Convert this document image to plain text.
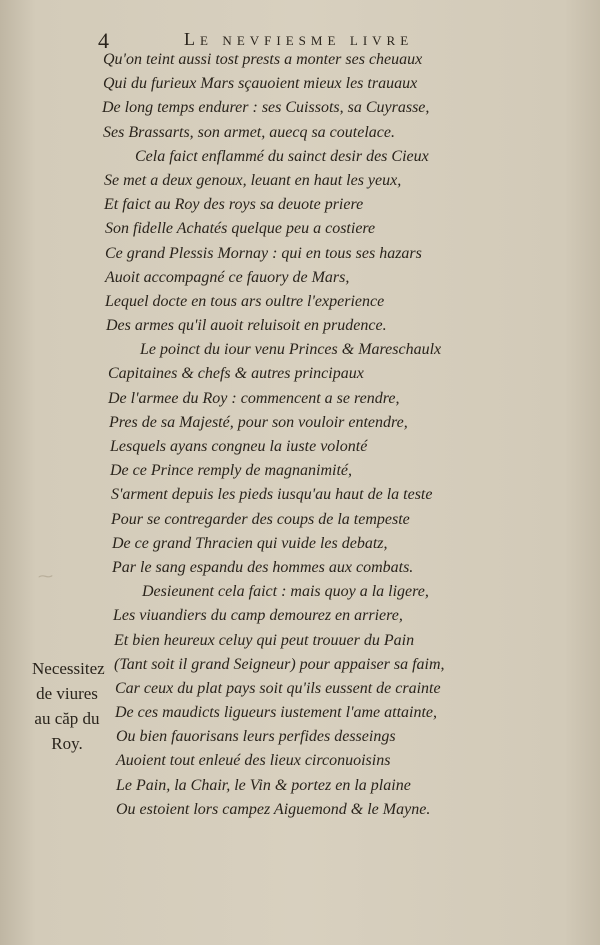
4	Le nevfiesme livre
⁓
Qu'on teint aussi tost prests a monter ses cheuaux
Qui du furieux Mars sçauoient mieux les trauaux
De long temps endurer : ses Cuissots, sa Cuyrasse,
Ses Brassarts, son armet, auecq sa coutelace.
Cela faict enflammé du sainct desir des Cieux
Se met a deux genoux, leuant en haut les yeux,
Et faict au Roy des roys sa deuote priere
Son fidelle Achatés quelque peu a costiere
Ce grand Plessis Mornay : qui en tous ses hazars
Auoit accompagné ce fauory de Mars,
Lequel docte en tous ars oultre l'experience
Des armes qu'il auoit reluisoit en prudence.
Le poinct du iour venu Princes & Mareschaulx
Capitaines & chefs & autres principaux
De l'armee du Roy : commencent a se rendre,
Pres de sa Majesté, pour son vouloir entendre,
Lesquels ayans congneu la iuste volonté
De ce Prince remply de magnanimité,
S'arment depuis les pieds iusqu'au haut de la teste
Pour se contregarder des coups de la tempeste
De ce grand Thracien qui vuide les debatz,
Par le sang espandu des hommes aux combats.
Desieunent cela faict : mais quoy a la ligere,
Les viuandiers du camp demourez en arriere,
Et bien heureux celuy qui peut trouuer du Pain
(Tant soit il grand Seigneur) pour appaiser sa faim,
Car ceux du plat pays soit qu'ils eussent de crainte
De ces maudicts ligueurs iustement l'ame attainte,
Ou bien fauorisans leurs perfides desseings
Auoient tout enleué des lieux circonuoisins
Le Pain, la Chair, le Vin & portez en la plaine
Ou estoient lors campez Aiguemond & le Mayne.
Necessitez de viures au căp du Roy.
